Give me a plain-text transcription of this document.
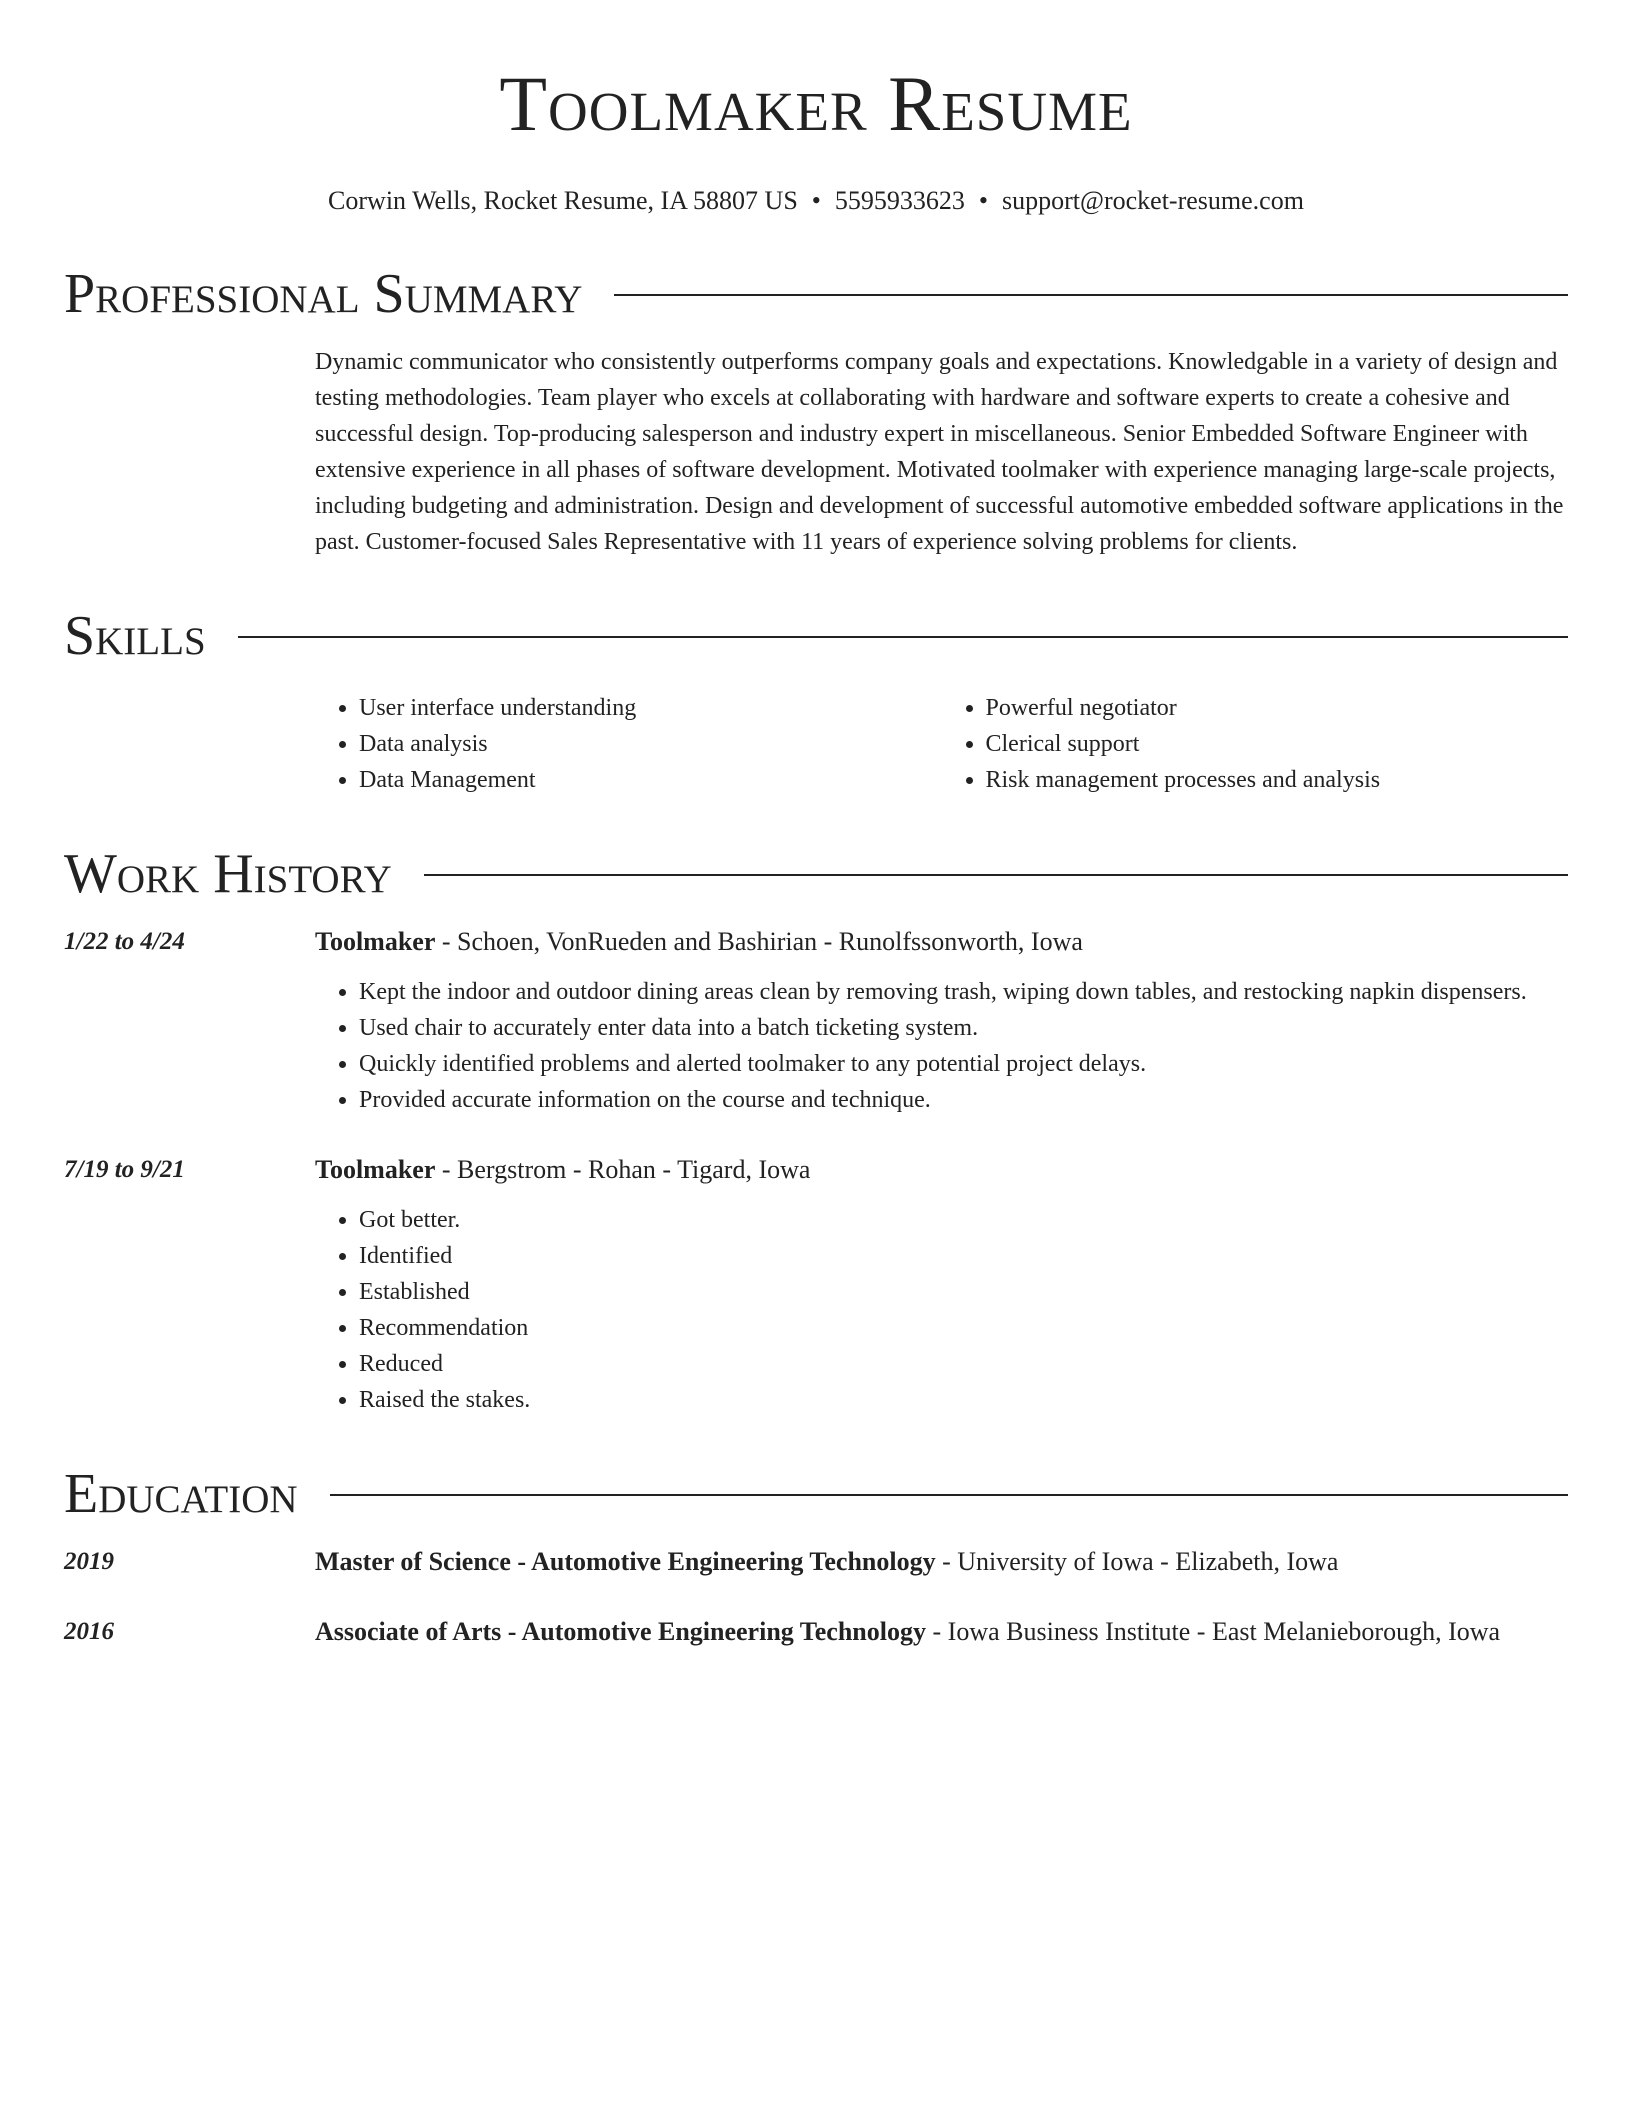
Toolmaker Resume
Corwin Wells, Rocket Resume, IA 58807 US • 5595933623 • support@rocket-resume.com
Professional Summary
Dynamic communicator who consistently outperforms company goals and expectations. Knowledgable in a variety of design and testing methodologies. Team player who excels at collaborating with hardware and software experts to create a cohesive and successful design. Top-producing salesperson and industry expert in miscellaneous. Senior Embedded Software Engineer with extensive experience in all phases of software development. Motivated toolmaker with experience managing large-scale projects, including budgeting and administration. Design and development of successful automotive embedded software applications in the past. Customer-focused Sales Representative with 11 years of experience solving problems for clients.
Skills
• User interface understanding
• Data analysis
• Data Management
• Powerful negotiator
• Clerical support
• Risk management processes and analysis
Work History
1/22 to 4/24	Toolmaker - Schoen, VonRueden and Bashirian - Runolfssonworth, Iowa
• Kept the indoor and outdoor dining areas clean by removing trash, wiping down tables, and restocking napkin dispensers.
• Used chair to accurately enter data into a batch ticketing system.
• Quickly identified problems and alerted toolmaker to any potential project delays.
• Provided accurate information on the course and technique.
7/19 to 9/21	Toolmaker - Bergstrom - Rohan - Tigard, Iowa
• Got better.
• Identified
• Established
• Recommendation
• Reduced
• Raised the stakes.
Education
2019	Master of Science - Automotive Engineering Technology - University of Iowa - Elizabeth, Iowa
2016	Associate of Arts - Automotive Engineering Technology - Iowa Business Institute - East Melanieborough, Iowa
